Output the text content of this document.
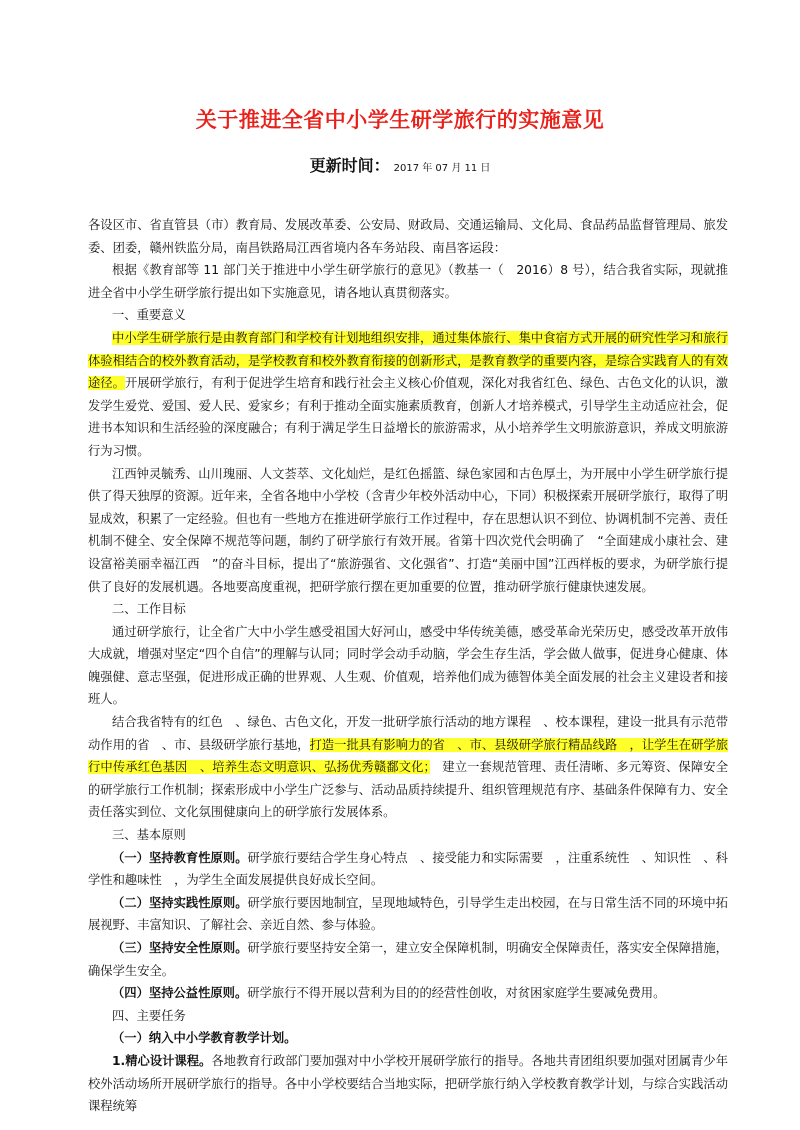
关于推进全省中小学生研学旅行的实施意见
更新时间： 2017 年 07 月 11 日

各设区市、省直管县（市）教育局、发展改革委、公安局、财政局、交通运输局、文化局、食品药品监督管理局、旅发委、团委，赣州铁监分局，南昌铁路局江西省境内各车务站段、南昌客运段：

根据《教育部等 11 部门关于推进中小学生研学旅行的意见》（教基一（　2016）8 号），结合我省实际，现就推进全省中小学生研学旅行提出如下实施意见，请各地认真贯彻落实。

一、重要意义

中小学生研学旅行是由教育部门和学校有计划地组织安排，通过集体旅行、集中食宿方式开展的研究性学习和旅行体验相结合的校外教育活动，是学校教育和校外教育衔接的创新形式，是教育教学的重要内容，是综合实践育人的有效途径。开展研学旅行，有利于促进学生培育和践行社会主义核心价值观，深化对我省红色、绿色、古色文化的认识，激发学生爱党、爱国、爱人民、爱家乡；有利于推动全面实施素质教育，创新人才培养模式，引导学生主动适应社会，促进书本知识和生活经验的深度融合；有利于满足学生日益增长的旅游需求，从小培养学生文明旅游意识，养成文明旅游行为习惯。

江西钟灵毓秀、山川瑰丽、人文荟萃、文化灿烂，是红色摇篮、绿色家园和古色厚土，为开展中小学生研学旅行提供了得天独厚的资源。近年来，全省各地中小学校（含青少年校外活动中心，下同）积极探索开展研学旅行，取得了明显成效，积累了一定经验。但也有一些地方在推进研学旅行工作过程中，存在思想认识不到位、协调机制不完善、责任机制不健全、安全保障不规范等问题，制约了研学旅行有效开展。省第十四次党代会明确了　“全面建成小康社会、建设富裕美丽幸福江西　”的奋斗目标，提出了“旅游强省、文化强省”、打造“美丽中国”江西样板的要求，为研学旅行提供了良好的发展机遇。各地要高度重视，把研学旅行摆在更加重要的位置，推动研学旅行健康快速发展。

二、工作目标

通过研学旅行，让全省广大中小学生感受祖国大好河山，感受中华传统美德，感受革命光荣历史，感受改革开放伟大成就，增强对坚定“四个自信”的理解与认同；同时学会动手动脑，学会生存生活，学会做人做事，促进身心健康、体魄强健、意志坚强，促进形成正确的世界观、人生观、价值观，培养他们成为德智体美全面发展的社会主义建设者和接班人。

结合我省特有的红色　、绿色、古色文化，开发一批研学旅行活动的地方课程　、校本课程，建设一批具有示范带动作用的省　、市、县级研学旅行基地，打造一批具有影响力的省　、市、县级研学旅行精品线路　，让学生在研学旅行中传承红色基因　、培养生态文明意识、弘扬优秀赣鄱文化；　建立一套规范管理、责任清晰、多元筹资、保障安全的研学旅行工作机制；探索形成中小学生广泛参与、活动品质持续提升、组织管理规范有序、基础条件保障有力、安全责任落实到位、文化氛围健康向上的研学旅行发展体系。

三、基本原则

（一）坚持教育性原则。研学旅行要结合学生身心特点　、接受能力和实际需要　，注重系统性　、知识性　、科学性和趣味性　，为学生全面发展提供良好成长空间。

（二）坚持实践性原则。研学旅行要因地制宜，呈现地域特色，引导学生走出校园，在与日常生活不同的环境中拓展视野、丰富知识、了解社会、亲近自然、参与体验。

（三）坚持安全性原则。研学旅行要坚持安全第一，建立安全保障机制，明确安全保障责任，落实安全保障措施，确保学生安全。

（四）坚持公益性原则。研学旅行不得开展以营利为目的的经营性创收，对贫困家庭学生要减免费用。

四、主要任务

（一）纳入中小学教育教学计划。

1.精心设计课程。各地教育行政部门要加强对中小学校开展研学旅行的指导。各地共青团组织要加强对团属青少年校外活动场所开展研学旅行的指导。各中小学校要结合当地实际，把研学旅行纳入学校教育教学计划，与综合实践活动课程统筹
